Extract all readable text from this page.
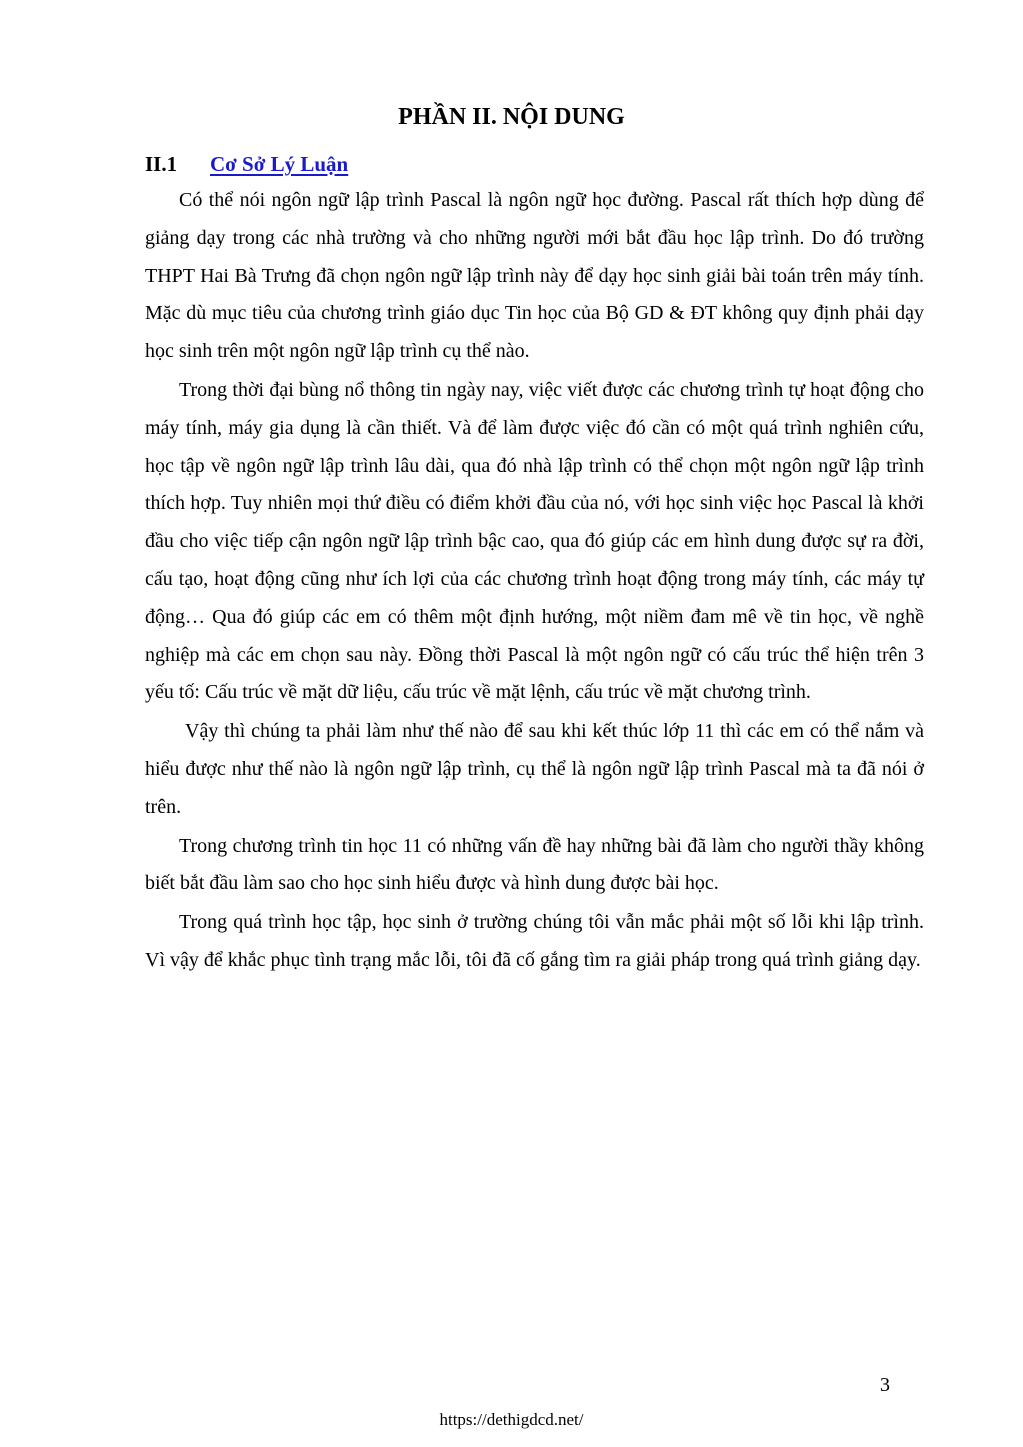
PHẦN II. NỘI DUNG
II.1 Cơ Sở Lý Luận

Có thể nói ngôn ngữ lập trình Pascal là ngôn ngữ học đường. Pascal rất thích hợp dùng để giảng dạy trong các nhà trường và cho những người mới bắt đầu học lập trình. Do đó trường THPT Hai Bà Trưng đã chọn ngôn ngữ lập trình này để dạy học sinh giải bài toán trên máy tính. Mặc dù mục tiêu của chương trình giáo dục Tin học của Bộ GD & ĐT không quy định phải dạy học sinh trên một ngôn ngữ lập trình cụ thể nào.

Trong thời đại bùng nổ thông tin ngày nay, việc viết được các chương trình tự hoạt động cho máy tính, máy gia dụng là cần thiết. Và để làm được việc đó cần có một quá trình nghiên cứu, học tập về ngôn ngữ lập trình lâu dài, qua đó nhà lập trình có thể chọn một ngôn ngữ lập trình thích hợp. Tuy nhiên mọi thứ điều có điểm khởi đầu của nó, với học sinh việc học Pascal là khởi đầu cho việc tiếp cận ngôn ngữ lập trình bậc cao, qua đó giúp các em hình dung được sự ra đời, cấu tạo, hoạt động cũng như ích lợi của các chương trình hoạt động trong máy tính, các máy tự động… Qua đó giúp các em có thêm một định hướng, một niềm đam mê về tin học, về nghề nghiệp mà các em chọn sau này. Đồng thời Pascal là một ngôn ngữ có cấu trúc thể hiện trên 3 yếu tố: Cấu trúc về mặt dữ liệu, cấu trúc về mặt lệnh, cấu trúc về mặt chương trình.

Vậy thì chúng ta phải làm như thế nào để sau khi kết thúc lớp 11 thì các em có thể nắm và hiểu được như thế nào là ngôn ngữ lập trình, cụ thể là ngôn ngữ lập trình Pascal mà ta đã nói ở trên.

Trong chương trình tin học 11 có những vấn đề hay những bài đã làm cho người thầy không biết bắt đầu làm sao cho học sinh hiểu được và hình dung được bài học.

Trong quá trình học tập, học sinh ở trường chúng tôi vẫn mắc phải một số lỗi khi lập trình. Vì vậy để khắc phục tình trạng mắc lỗi, tôi đã cố gắng tìm ra giải pháp trong quá trình giảng dạy.

3
https://dethigdcd.net/
